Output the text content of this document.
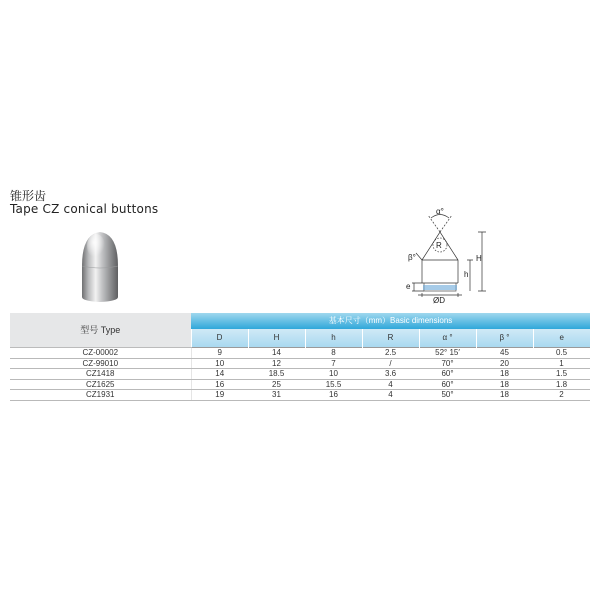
锥形齿
Tape CZ conical buttons	α°
β°
R
h
H
e
ØD
型号 Type	基本尺寸（mm）Basic dimensions						
	D	H	h	R	α °	β °	e
CZ-00002	9	14	8	2.5	52° 15′	45	0.5
CZ-99010	10	12	7	/	70°	20	1
CZ1418	14	18.5	10	3.6	60°	18	1.5
CZ1625	16	25	15.5	4	60°	18	1.8
CZ1931	19	31	16	4	50°	18	2
